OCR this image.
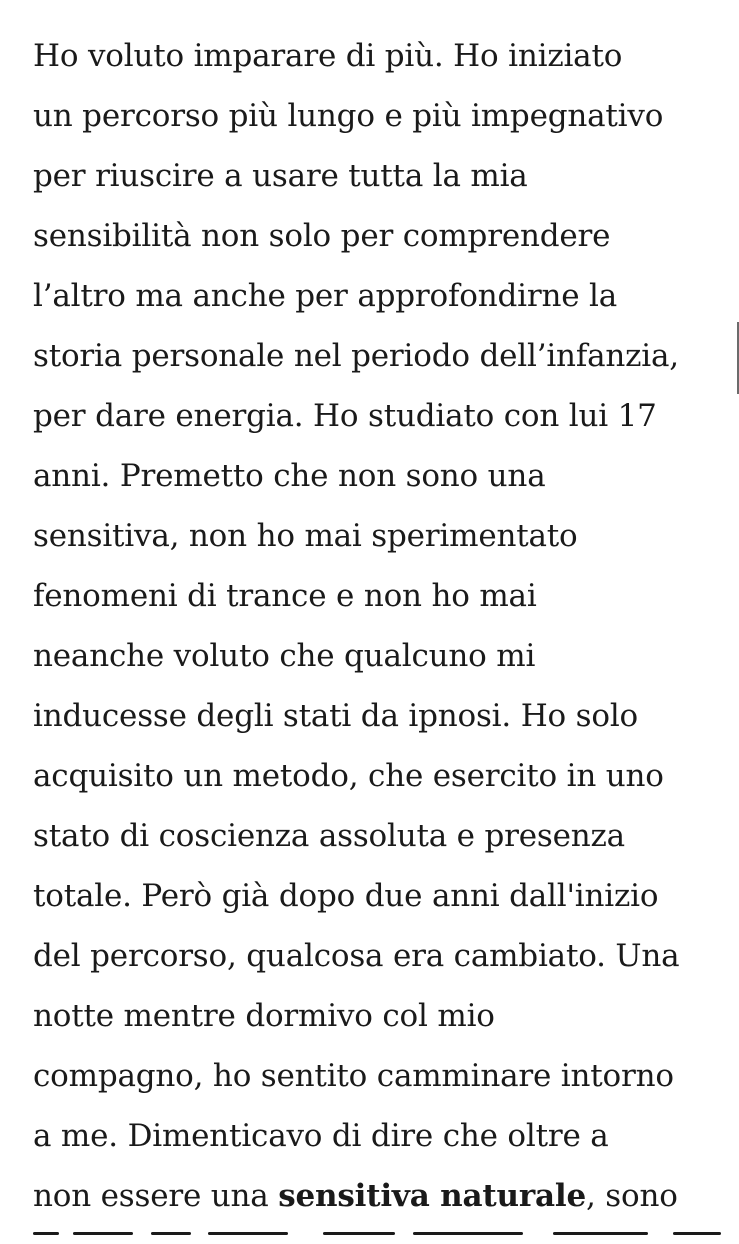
Ho voluto imparare di più. Ho iniziato
un percorso più lungo e più impegnativo
per riuscire a usare tutta la mia
sensibilità non solo per comprendere
l’altro ma anche per approfondirne la
storia personale nel periodo dell’infanzia,
per dare energia. Ho studiato con lui 17
anni. Premetto che non sono una
sensitiva, non ho mai sperimentato
fenomeni di trance e non ho mai
neanche voluto che qualcuno mi
inducesse degli stati da ipnosi. Ho solo
acquisito un metodo, che esercito in uno
stato di coscienza assoluta e presenza
totale. Però già dopo due anni dall'inizio
del percorso, qualcosa era cambiato. Una
notte mentre dormivo col mio
compagno, ho sentito camminare intorno
a me. Dimenticavo di dire che oltre a
non essere una sensitiva naturale, sono
